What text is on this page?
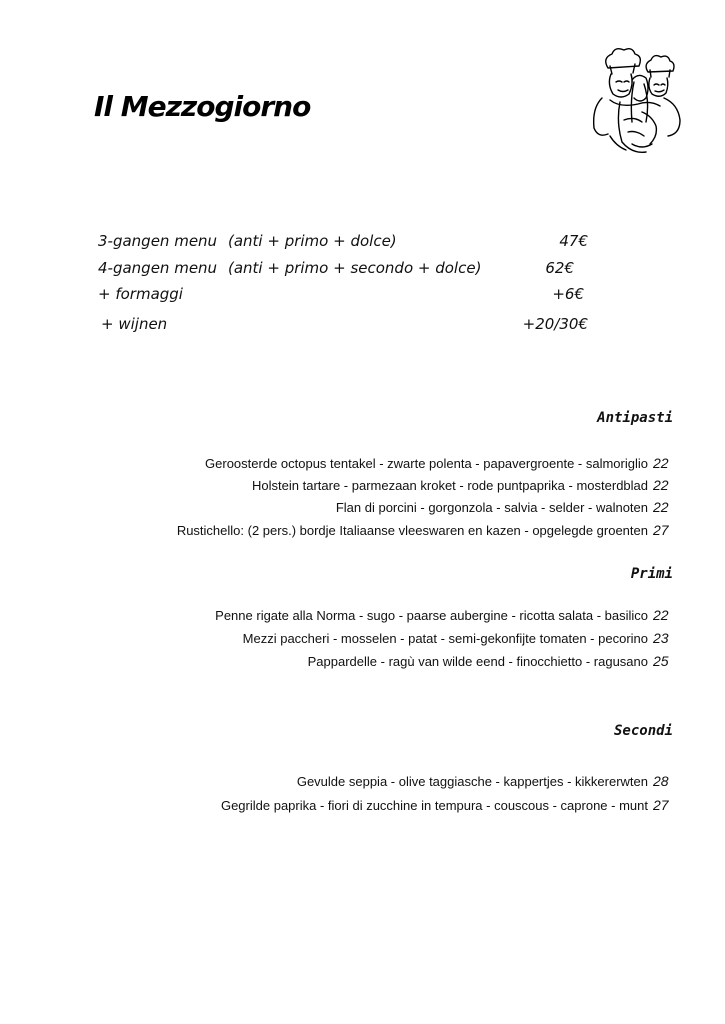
Il Mezzogiorno
3-gangen menu (anti + primo + dolce)	47€
4-gangen menu (anti + primo + secondo + dolce)	62€
+ formaggi	+6€
+ wijnen	+20/30€
Antipasti
Geroosterde octopus tentakel - zwarte polenta - papavergroente - salmoriglio 22
Holstein tartare - parmezaan kroket - rode puntpaprika - mosterdblad 22
Flan di porcini - gorgonzola - salvia - selder - walnoten 22
Rustichello: (2 pers.) bordje Italiaanse vleeswaren en kazen - opgelegde groenten 27
Primi
Penne rigate alla Norma - sugo - paarse aubergine - ricotta salata - basilico 22
Mezzi paccheri - mosselen - patat - semi-gekonfijte tomaten - pecorino 23
Pappardelle - ragù van wilde eend - finocchietto - ragusano 25
Secondi
Gevulde seppia - olive taggiasche - kappertjes - kikkererwten 28
Gegrilde paprika - fiori di zucchine in tempura - couscous - caprone - munt 27
